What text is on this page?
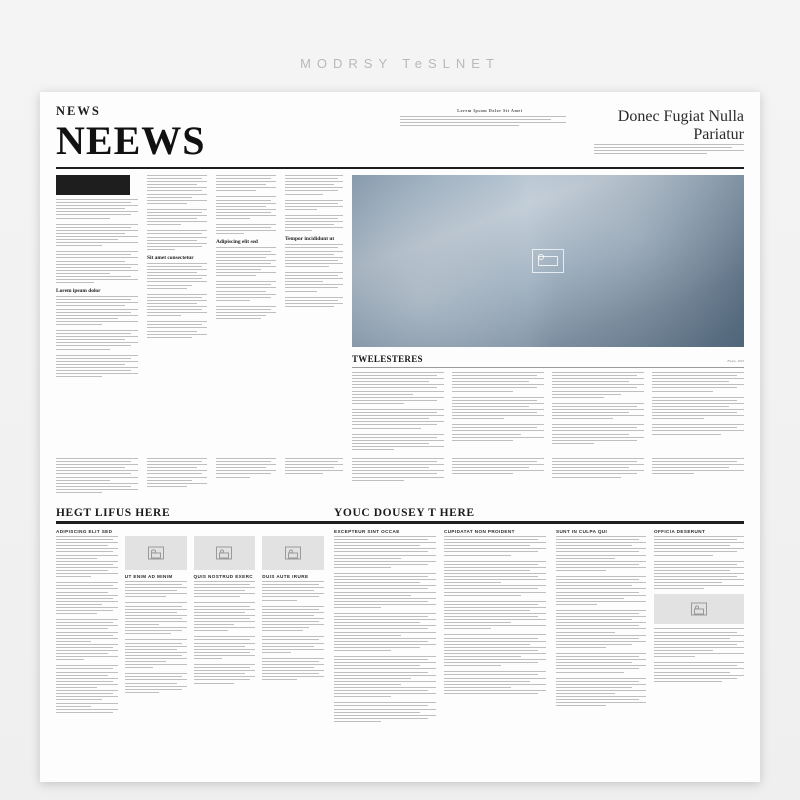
MODRSY TeSLNET
NEWS
NEEWS
Lorem Ipsum Dolor Sit Amet	Donec Fugiat Nulla Pariatur
Lorem ipsum dolor
Sit amet consectetur
Adipiscing elit sed
Tempor incididunt ut
TWELESTERES	Fusce, 1913
HEGT LIFUS HERE	YOUC DOUSEY T HERE
ADIPISCING ELIT SED
UT ENIM AD MINIM	QUIS NOSTRUD EXERC	DUIS AUTE IRURE
EXCEPTEUR SINT OCCAE	CUPIDATAT NON PROIDENT	SUNT IN CULPA QUI	OFFICIA DESERUNT
